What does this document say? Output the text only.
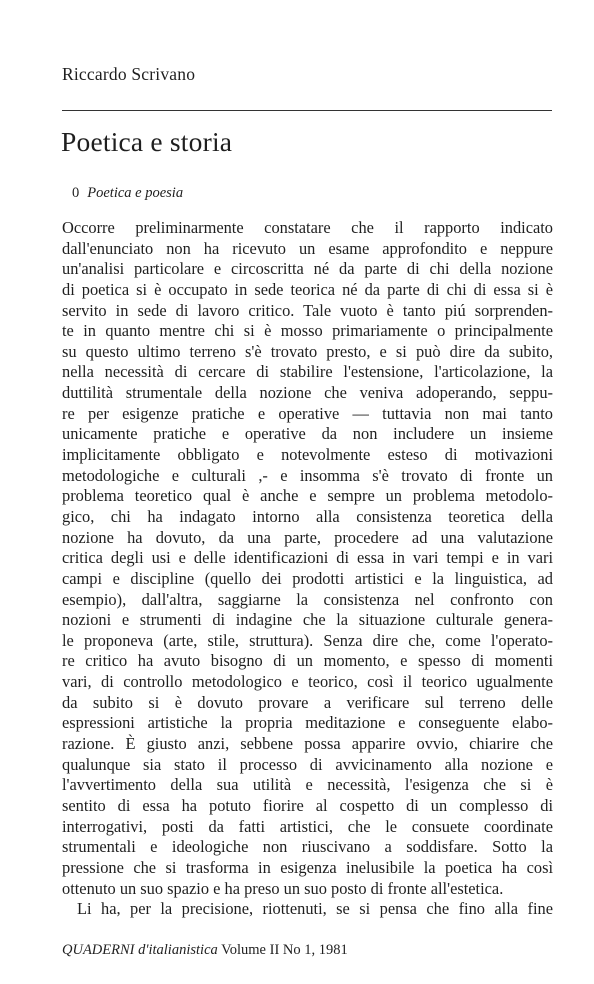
Riccardo Scrivano
Poetica e storia
0 Poetica e poesia
Occorre preliminarmente constatare che il rapporto indicato
dall'enunciato non ha ricevuto un esame approfondito e neppure
un'analisi particolare e circoscritta né da parte di chi della nozione
di poetica si è occupato in sede teorica né da parte di chi di essa si è
servito in sede di lavoro critico. Tale vuoto è tanto piú sorprenden-
te in quanto mentre chi si è mosso primariamente o principalmente
su questo ultimo terreno s'è trovato presto, e si può dire da subito,
nella necessità di cercare di stabilire l'estensione, l'articolazione, la
duttilità strumentale della nozione che veniva adoperando, seppu-
re per esigenze pratiche e operative — tuttavia non mai tanto
unicamente pratiche e operative da non includere un insieme
implicitamente obbligato e notevolmente esteso di motivazioni
metodologiche e culturali ,- e insomma s'è trovato di fronte un
problema teoretico qual è anche e sempre un problema metodolo-
gico, chi ha indagato intorno alla consistenza teoretica della
nozione ha dovuto, da una parte, procedere ad una valutazione
critica degli usi e delle identificazioni di essa in vari tempi e in vari
campi e discipline (quello dei prodotti artistici e la linguistica, ad
esempio), dall'altra, saggiarne la consistenza nel confronto con
nozioni e strumenti di indagine che la situazione culturale genera-
le proponeva (arte, stile, struttura). Senza dire che, come l'operato-
re critico ha avuto bisogno di un momento, e spesso di momenti
vari, di controllo metodologico e teorico, così il teorico ugualmente
da subito si è dovuto provare a verificare sul terreno delle
espressioni artistiche la propria meditazione e conseguente elabo-
razione. È giusto anzi, sebbene possa apparire ovvio, chiarire che
qualunque sia stato il processo di avvicinamento alla nozione e
l'avvertimento della sua utilità e necessità, l'esigenza che si è
sentito di essa ha potuto fiorire al cospetto di un complesso di
interrogativi, posti da fatti artistici, che le consuete coordinate
strumentali e ideologiche non riuscivano a soddisfare. Sotto la
pressione che si trasforma in esigenza inelusibile la poetica ha così
ottenuto un suo spazio e ha preso un suo posto di fronte all'estetica.
Li ha, per la precisione, riottenuti, se si pensa che fino alla fine
QUADERNI d'italianistica Volume II No 1, 1981
